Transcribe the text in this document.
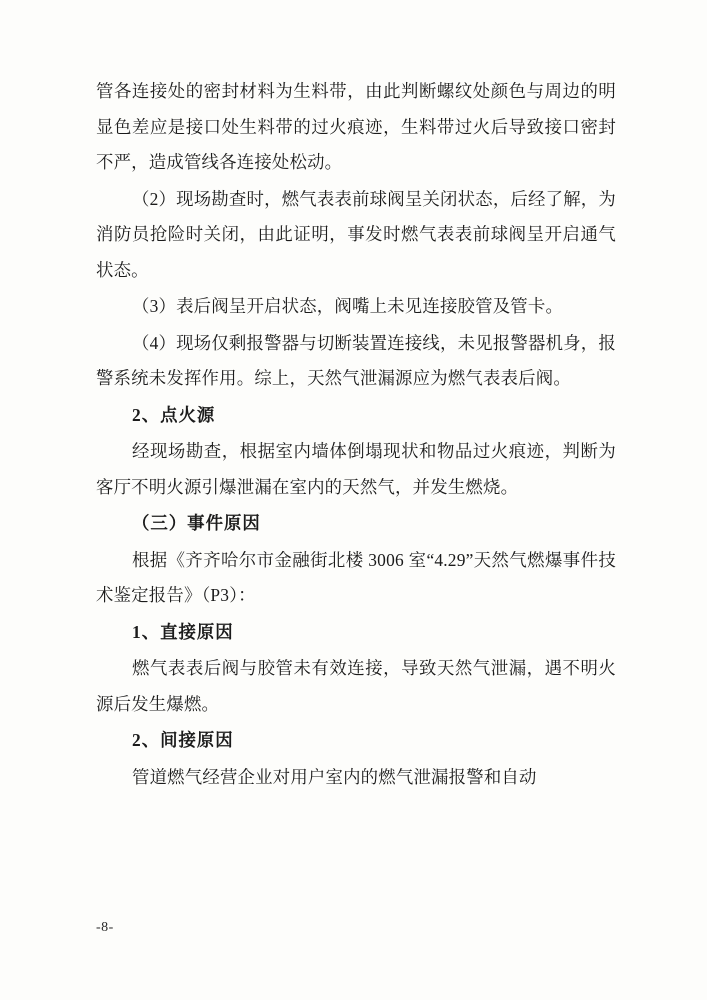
管各连接处的密封材料为生料带，由此判断螺纹处颜色与周边的明显色差应是接口处生料带的过火痕迹，生料带过火后导致接口密封不严，造成管线各连接处松动。

（2）现场勘查时，燃气表表前球阀呈关闭状态，后经了解，为消防员抢险时关闭，由此证明，事发时燃气表表前球阀呈开启通气状态。

（3）表后阀呈开启状态，阀嘴上未见连接胶管及管卡。

（4）现场仅剩报警器与切断装置连接线，未见报警器机身，报警系统未发挥作用。综上，天然气泄漏源应为燃气表表后阀。

2、点火源

经现场勘查，根据室内墙体倒塌现状和物品过火痕迹，判断为客厅不明火源引爆泄漏在室内的天然气，并发生燃烧。

（三）事件原因

根据《齐齐哈尔市金融街北楼 3006 室“4.29”天然气燃爆事件技术鉴定报告》（P3）：

1、直接原因

燃气表表后阀与胶管未有效连接，导致天然气泄漏，遇不明火源后发生爆燃。

2、间接原因

管道燃气经营企业对用户室内的燃气泄漏报警和自动

-8-
